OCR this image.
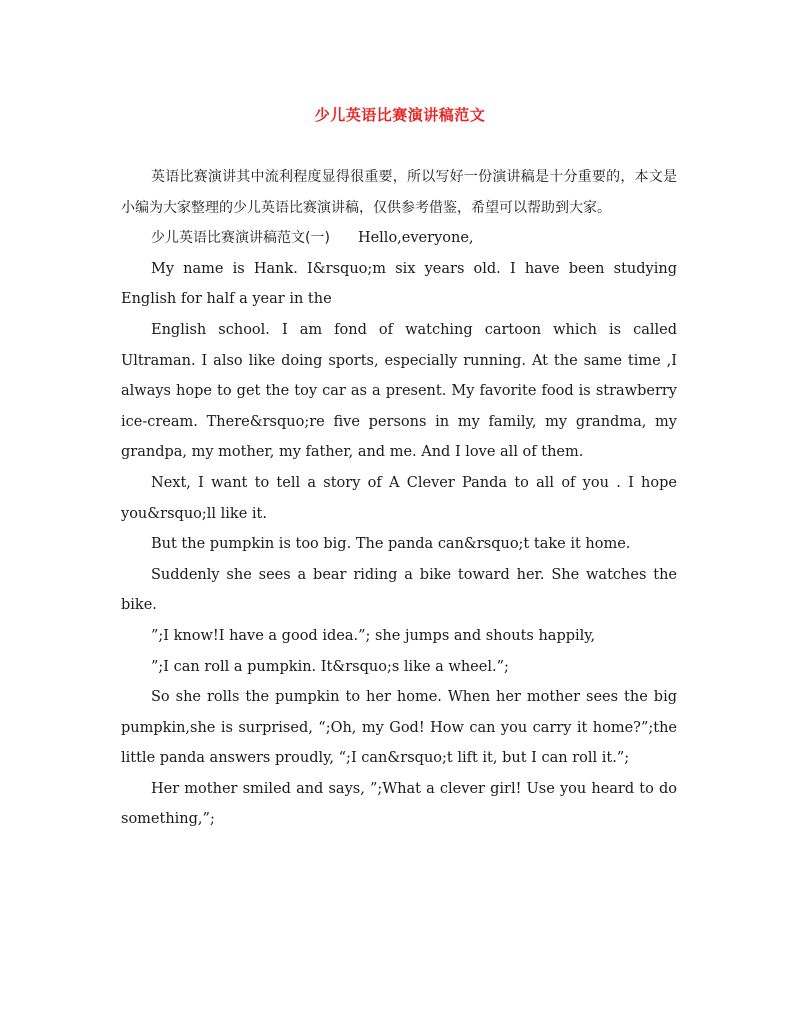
少儿英语比赛演讲稿范文

英语比赛演讲其中流利程度显得很重要，所以写好一份演讲稿是十分重要的，本文是小编为大家整理的少儿英语比赛演讲稿，仅供参考借鉴，希望可以帮助到大家。

少儿英语比赛演讲稿范文(一) Hello,everyone,

My name is Hank. I&rsquo;m six years old. I have been studying English for half a year in the

English school. I am fond of watching cartoon which is called Ultraman. I also like doing sports, especially running. At the same time ,I always hope to get the toy car as a present. My favorite food is strawberry ice-cream. There&rsquo;re five persons in my family, my grandma, my grandpa, my mother, my father, and me. And I love all of them.

Next, I want to tell a story of A Clever Panda to all of you . I hope you&rsquo;ll like it.

But the pumpkin is too big. The panda can&rsquo;t take it home.

Suddenly she sees a bear riding a bike toward her. She watches the bike.

”;I know!I have a good idea.”; she jumps and shouts happily,

”;I can roll a pumpkin. It&rsquo;s like a wheel.”;

So she rolls the pumpkin to her home. When her mother sees the big pumpkin,she is surprised, “;Oh, my God! How can you carry it home?”;the little panda answers proudly, “;I can&rsquo;t lift it, but I can roll it.”;

Her mother smiled and says, ”;What a clever girl! Use you heard to do something,”;
